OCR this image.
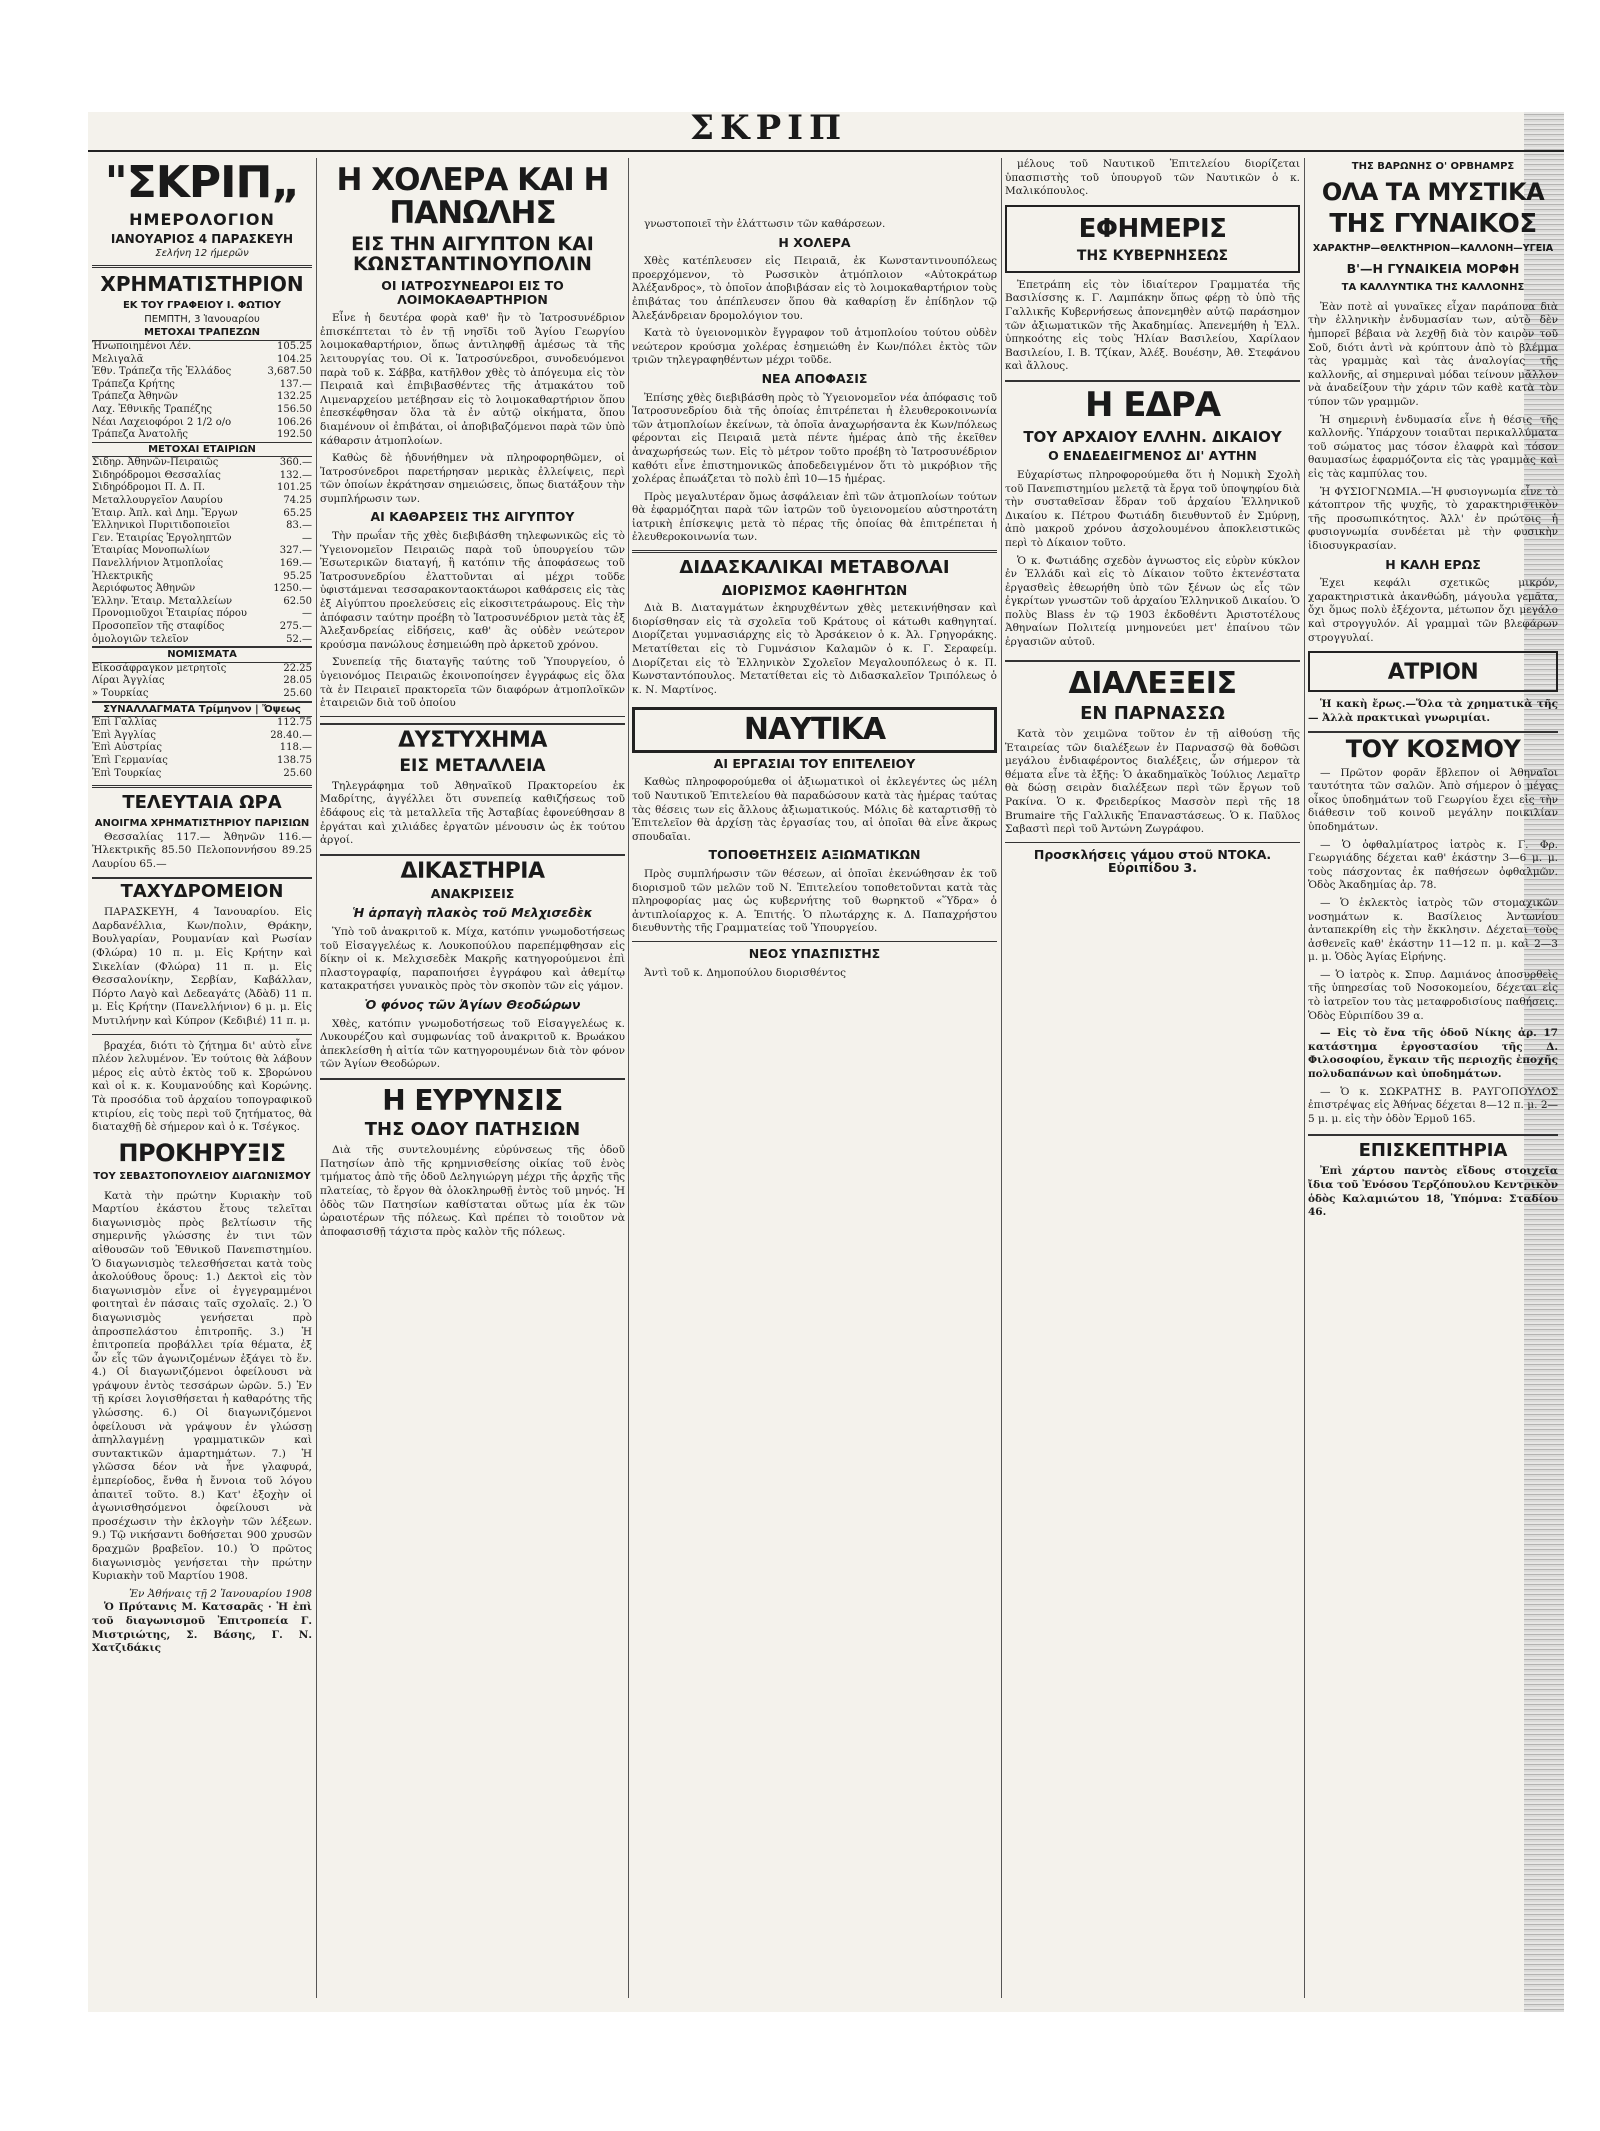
ΣΚΡΙΠ
"ΣΚΡΙΠ„
ΗΜΕΡΟΛΟΓΙΟΝ
ΙΑΝΟΥΑΡΙΟΣ 4 ΠΑΡΑΣΚΕΥΗ
Σελήνη 12 ήμερῶν
ΧΡΗΜΑΤΙΣΤΗΡΙΟΝ
ΕΚ ΤΟΥ ΓΡΑΦΕΙΟΥ Ι. ΦΩΤΙΟΥ
ΠΕΜΠΤΗ, 3 Ἰανουαρίου
ΜΕΤΟΧΑΙ ΤΡΑΠΕΖΩΝ
Ἡνωποιημένοι Λέν.	105.25
Μελιγαλᾶ	104.25
Ἐθν. Τράπεζα τῆς Ἑλλάδος	3,687.50
Τράπεζα Κρήτης	137.—
Τράπεζα Ἀθηνῶν	132.25
Λαχ. Ἐθνικῆς Τραπέζης	156.50
Νέαι Λαχειοφόροι 2 1/2 ο/ο	106.26
Τράπεζα Ἀνατολῆς	192.50
ΜΕΤΟΧΑΙ ΕΤΑΙΡΙΩΝ
Σιδηρ. Ἀθηνῶν-Πειραιῶς	360.—
Σιδηρόδρομοι Θεσσαλίας	132.—
Σιδηρόδρομοι Π. Δ. Π.	101.25
Μεταλλουργεῖον Λαυρίου	74.25
Ἑταιρ. Ἀπλ. καὶ Δημ. Ἔργων	65.25
Ἑλληνικοὶ Πυριτιδοποιεῖοι	83.—
Γεν. Ἑταιρίας Ἐργοληπτῶν	—
Ἑταιρίας Μονοπωλίων	327.—
Πανελλήνιον Ἀτμοπλοΐας	169.—
Ἠλεκτρικῆς	95.25
Ἀεριόφωτος Ἀθηνῶν	1250.—
Ἑλλην. Ἑταιρ. Μεταλλείων	62.50
Προνομιοῦχοι Ἑταιρίας πόρου	—
Προσοπεῖον τῆς σταφίδος	275.—
ὁμολογιῶν τελεῖον	52.—
ΝΟΜΙΣΜΑΤΑ
Εἰκοσάφραγκον μετρητοῖς	22.25
Λίραι Ἀγγλίας	28.05
» Τουρκίας	25.60
ΣΥΝΑΛΛΑΓΜΑΤΑ Τρίμηνον | Ὄψεως
Ἐπὶ Γαλλίας	112.75
Ἐπὶ Ἀγγλίας	28.40.—
Ἐπὶ Αὐστρίας	118.—
Ἐπὶ Γερμανίας	138.75
Ἐπὶ Τουρκίας	25.60
ΤΕΛΕΥΤΑΙΑ ΩΡΑ
ΑΝΟΙΓΜΑ ΧΡΗΜΑΤΙΣΤΗΡΙΟΥ ΠΑΡΙΣΙΩΝ

Θεσσαλίας 117.— Ἀθηνῶν 116.— Ἠλεκτρικῆς 85.50 Πελοποννήσου 89.25 Λαυρίου 65.—

ΤΑΧΥΔΡΟΜΕΙΟΝ

ΠΑΡΑΣΚΕΥΗ, 4 Ἰανουαρίου. Εἰς Δαρδανέλλια, Κων/πολιν, Θράκην, Βουλγαρίαν, Ρουμανίαν καὶ Ρωσίαν (Φλώρα) 10 π. μ. Εἰς Κρήτην καὶ Σικελίαν (Φλώρα) 11 π. μ. Εἰς Θεσσαλονίκην, Σερβίαν, Καβάλλαν, Πόρτο Λαγὸ καὶ Δεδεαγάτς (Ἀδὰδ) 11 π. μ. Εἰς Κρήτην (Πανελλήνιον) 6 μ. μ. Εἰς Μυτιλήνην καὶ Κύπρον (Κεδιβιέ) 11 π. μ.

βραχέα, διότι τὸ ζήτημα δι' αὐτὸ εἶνε πλέον λελυμένον. Ἐν τούτοις θὰ λάβουν μέρος εἰς αὐτὸ ἐκτὸς τοῦ κ. Σβορώνου καὶ οἱ κ. κ. Κουμανούδης καὶ Κορώνης. Τὰ προσόδια τοῦ ἀρχαίου τοπογραφικοῦ κτιρίου, εἰς τοὺς περὶ τοῦ ζητήματος, θὰ διαταχθῇ δὲ σήμερον καὶ ὁ κ. Τσέγκος.

ΠΡΟΚΗΡΥΞΙΣ
ΤΟΥ ΣΕΒΑΣΤΟΠΟΥΛΕΙΟΥ ΔΙΑΓΩΝΙΣΜΟΥ

Κατὰ τὴν πρώτην Κυριακὴν τοῦ Μαρτίου ἐκάστου ἔτους τελεῖται διαγωνισμὸς πρὸς βελτίωσιν τῆς σημερινῆς γλώσσης ἐν τινι τῶν αἰθουσῶν τοῦ Ἐθνικοῦ Πανεπιστημίου. Ὁ διαγωνισμὸς τελεσθήσεται κατὰ τοὺς ἀκολούθους ὅρους: 1.) Δεκτοὶ εἰς τὸν διαγωνισμὸν εἶνε οἱ ἐγγεγραμμένοι φοιτηταὶ ἐν πάσαις ταῖς σχολαῖς. 2.) Ὁ διαγωνισμὸς γενήσεται πρὸ ἀπροσπελάστου ἐπιτροπῆς. 3.) Ἡ ἐπιτροπεία προβάλλει τρία θέματα, ἐξ ὧν εἷς τῶν ἀγωνιζομένων ἐξάγει τὸ ἕν. 4.) Οἱ διαγωνιζόμενοι ὀφείλουσι νὰ γράψουν ἐντὸς τεσσάρων ὡρῶν. 5.) Ἐν τῇ κρίσει λογισθήσεται ἡ καθαρότης τῆς γλώσσης. 6.) Οἱ διαγωνιζόμενοι ὀφείλουσι νὰ γράψουν ἐν γλώσσῃ ἀπηλλαγμένῃ γραμματικῶν καὶ συντακτικῶν ἁμαρτημάτων. 7.) Ἡ γλῶσσα δέον νὰ ἦνε γλαφυρά, ἐμπερίοδος, ἔνθα ἡ ἔννοια τοῦ λόγου ἀπαιτεῖ τοῦτο. 8.) Κατ' ἐξοχὴν οἱ ἀγωνισθησόμενοι ὀφείλουσι νὰ προσέχωσιν τὴν ἐκλογὴν τῶν λέξεων. 9.) Τῷ νικήσαντι δοθήσεται 900 χρυσῶν δραχμῶν βραβεῖον. 10.) Ὁ πρῶτος διαγωνισμὸς γενήσεται τὴν πρώτην Κυριακὴν τοῦ Μαρτίου 1908.

Ἐν Ἀθήναις τῇ 2 Ἰανουαρίου 1908

Ὁ Πρύτανις Μ. Κατσαρᾶς · Ἡ ἐπὶ τοῦ διαγωνισμοῦ Ἐπιτροπεία Γ. Μιστριώτης, Σ. Βάσης, Γ. Ν. Χατζιδάκις

Η ΧΟΛΕΡΑ ΚΑΙ Η ΠΑΝΩΛΗΣ
ΕΙΣ ΤΗΝ ΑΙΓΥΠΤΟΝ ΚΑΙ ΚΩΝΣΤΑΝΤΙΝΟΥΠΟΛΙΝ
ΟΙ ΙΑΤΡΟΣΥΝΕΔΡΟΙ ΕΙΣ ΤΟ ΛΟΙΜΟΚΑΘΑΡΤΗΡΙΟΝ

Εἶνε ἡ δευτέρα φορὰ καθ' ἣν τὸ Ἰατροσυνέδριον ἐπισκέπτεται τὸ ἐν τῇ νησῖδι τοῦ Ἁγίου Γεωργίου λοιμοκαθαρτήριον, ὅπως ἀντιληφθῇ ἀμέσως τὰ τῆς λειτουργίας του. Οἱ κ. Ἰατροσύνεδροι, συνοδευόμενοι παρὰ τοῦ κ. Σάββα, κατῆλθον χθὲς τὸ ἀπόγευμα εἰς τὸν Πειραιᾶ καὶ ἐπιβιβασθέντες τῆς ἀτμακάτου τοῦ Λιμεναρχείου μετέβησαν εἰς τὸ λοιμοκαθαρτήριον ὅπου ἐπεσκέφθησαν ὅλα τὰ ἐν αὐτῷ οἰκήματα, ὅπου διαμένουν οἱ ἐπιβάται, οἱ ἀποβιβαζόμενοι παρὰ τῶν ὑπὸ κάθαρσιν ἀτμοπλοίων.

Καθὼς δὲ ἠδυνήθημεν νὰ πληροφορηθῶμεν, οἱ Ἰατροσύνεδροι παρετήρησαν μερικὰς ἐλλείψεις, περὶ τῶν ὁποίων ἐκράτησαν σημειώσεις, ὅπως διατάξουν τὴν συμπλήρωσιν των.

ΑΙ ΚΑΘΑΡΣΕΙΣ ΤΗΣ ΑΙΓΥΠΤΟΥ

Τὴν πρωΐαν τῆς χθὲς διεβιβάσθη τηλεφωνικῶς εἰς τὸ Ὑγειονομεῖον Πειραιῶς παρὰ τοῦ ὑπουργείου τῶν Ἐσωτερικῶν διαταγή, ἢ κατόπιν τῆς ἀποφάσεως τοῦ Ἰατροσυνεδρίου ἐλαττοῦνται αἱ μέχρι τοῦδε ὑφιστάμεναι τεσσαρακονταοκτάωροι καθάρσεις εἰς τὰς ἐξ Αἰγύπτου προελεύσεις εἰς εἰκοσιτετράωρους. Εἰς τὴν ἀπόφασιν ταύτην προέβη τὸ Ἰατροσυνέδριον μετὰ τὰς ἐξ Ἀλεξανδρείας εἰδήσεις, καθ' ἃς οὐδὲν νεώτερον κρούσμα πανώλους ἐσημειώθη πρὸ ἀρκετοῦ χρόνου.

Συνεπείᾳ τῆς διαταγῆς ταύτης τοῦ Ὑπουργείου, ὁ ὑγειονόμος Πειραιῶς ἐκοινοποίησεν ἐγγράφως εἰς ὅλα τὰ ἐν Πειραιεῖ πρακτορεῖα τῶν διαφόρων ἀτμοπλοϊκῶν ἑταιρειῶν διὰ τοῦ ὁποίου

ΔΥΣΤΥΧΗΜΑ
ΕΙΣ ΜΕΤΑΛΛΕΙΑ

Τηλεγράφημα τοῦ Ἀθηναϊκοῦ Πρακτορείου ἐκ Μαδρίτης, ἀγγέλλει ὅτι συνεπείᾳ καθιζήσεως τοῦ ἐδάφους εἰς τὰ μεταλλεῖα τῆς Ἀσταβίας ἐφονεύθησαν 8 ἐργάται καὶ χιλιάδες ἐργατῶν μένουσιν ὡς ἐκ τούτου ἀργοί.

ΔΙΚΑΣΤΗΡΙΑ
ΑΝΑΚΡΙΣΕΙΣ
Ἡ ἀρπαγὴ πλακὸς τοῦ Μελχισεδὲκ

Ὑπὸ τοῦ ἀνακριτοῦ κ. Μίχα, κατόπιν γνωμοδοτήσεως τοῦ Εἰσαγγελέως κ. Λουκοπούλου παρεπέμφθησαν εἰς δίκην οἱ κ. Μελχισεδὲκ Μακρῆς κατηγορούμενοι ἐπὶ πλαστογραφίᾳ, παραποιήσει ἐγγράφου καὶ ἀθεμίτῳ κατακρατήσει γυναικὸς πρὸς τὸν σκοπὸν τῶν εἰς γάμον.

Ὁ φόνος τῶν Ἁγίων Θεοδώρων

Χθὲς, κατόπιν γνωμοδοτήσεως τοῦ Εἰσαγγελέως κ. Λυκουρέζου καὶ συμφωνίας τοῦ ἀνακριτοῦ κ. Βρωάκου ἀπεκλείσθη ἡ αἰτία τῶν κατηγορουμένων διὰ τὸν φόνον τῶν Ἁγίων Θεοδώρων.

Η ΕΥΡΥΝΣΙΣ
ΤΗΣ ΟΔΟΥ ΠΑΤΗΣΙΩΝ

Διὰ τῆς συντελουμένης εὐρύνσεως τῆς ὁδοῦ Πατησίων ἀπὸ τῆς κρημνισθείσης οἰκίας τοῦ ἑνὸς τμήματος ἀπὸ τῆς ὁδοῦ Δεληγιώργη μέχρι τῆς ἀρχῆς τῆς πλατείας, τὸ ἔργον θὰ ὁλοκληρωθῇ ἐντὸς τοῦ μηνός. Ἡ ὁδὸς τῶν Πατησίων καθίσταται οὕτως μία ἐκ τῶν ὡραιοτέρων τῆς πόλεως. Καὶ πρέπει τὸ τοιοῦτον νὰ ἀποφασισθῇ τάχιστα πρὸς καλὸν τῆς πόλεως.

γνωστοποιεῖ τὴν ἐλάττωσιν τῶν καθάρσεων.

Η ΧΟΛΕΡΑ

Χθὲς κατέπλευσεν εἰς Πειραιᾶ, ἐκ Κωνσταντινουπόλεως προερχόμενον, τὸ Ρωσσικὸν ἀτμόπλοιον «Αὐτοκράτωρ Ἀλέξανδρος», τὸ ὁποῖον ἀποβιβάσαν εἰς τὸ λοιμοκαθαρτήριον τοὺς ἐπιβάτας του ἀπέπλευσεν ὅπου θὰ καθαρίσῃ ἕν ἐπίδηλον τῷ Ἀλεξάνδρειαν δρομολόγιον του.

Κατὰ τὸ ὑγειονομικὸν ἔγγραφον τοῦ ἀτμοπλοίου τούτου οὐδὲν νεώτερον κρούσμα χολέρας ἐσημειώθη ἐν Κων/πόλει ἐκτὸς τῶν τριῶν τηλεγραφηθέντων μέχρι τοῦδε.

ΝΕΑ ΑΠΟΦΑΣΙΣ

Ἐπίσης χθὲς διεβιβάσθη πρὸς τὸ Ὑγειονομεῖον νέα ἀπόφασις τοῦ Ἰατροσυνεδρίου διὰ τῆς ὁποίας ἐπιτρέπεται ἡ ἐλευθεροκοινωνία τῶν ἀτμοπλοίων ἐκείνων, τὰ ὁποῖα ἀναχωρήσαντα ἐκ Κων/πόλεως φέρονται εἰς Πειραιᾶ μετὰ πέντε ἡμέρας ἀπὸ τῆς ἐκεῖθεν ἀναχωρήσεώς των. Εἰς τὸ μέτρον τοῦτο προέβη τὸ Ἰατροσυνέδριον καθότι εἶνε ἐπιστημονικῶς ἀποδεδειγμένον ὅτι τὸ μικρόβιον τῆς χολέρας ἐπωάζεται τὸ πολὺ ἐπὶ 10—15 ἡμέρας.

Πρὸς μεγαλυτέραν ὅμως ἀσφάλειαν ἐπὶ τῶν ἀτμοπλοίων τούτων θὰ ἐφαρμόζηται παρὰ τῶν ἰατρῶν τοῦ ὑγειονομείου αὐστηροτάτη ἰατρικὴ ἐπίσκεψις μετὰ τὸ πέρας τῆς ὁποίας θὰ ἐπιτρέπεται ἡ ἐλευθεροκοινωνία των.

ΔΙΔΑΣΚΑΛΙΚΑΙ ΜΕΤΑΒΟΛΑΙ
ΔΙΟΡΙΣΜΟΣ ΚΑΘΗΓΗΤΩΝ

Διὰ Β. Διαταγμάτων ἐκηρυχθέντων χθὲς μετεκινήθησαν καὶ διορίσθησαν εἰς τὰ σχολεῖα τοῦ Κράτους οἱ κάτωθι καθηγηταί. Διορίζεται γυμνασιάρχης εἰς τὸ Ἀρσάκειον ὁ κ. Ἀλ. Γρηγοράκης. Μετατίθεται εἰς τὸ Γυμνάσιον Καλαμῶν ὁ κ. Γ. Σεραφείμ. Διορίζεται εἰς τὸ Ἑλληνικὸν Σχολεῖον Μεγαλουπόλεως ὁ κ. Π. Κωνσταντόπουλος. Μετατίθεται εἰς τὸ Διδασκαλεῖον Τριπόλεως ὁ κ. Ν. Μαρτίνος.

ΝΑΥΤΙΚΑ
ΑΙ ΕΡΓΑΣΙΑΙ ΤΟΥ ΕΠΙΤΕΛΕΙΟΥ

Καθὼς πληροφορούμεθα οἱ ἀξιωματικοὶ οἱ ἐκλεγέντες ὡς μέλη τοῦ Ναυτικοῦ Ἐπιτελείου θὰ παραδώσουν κατὰ τὰς ἡμέρας ταύτας τὰς θέσεις των εἰς ἄλλους ἀξιωματικούς. Μόλις δὲ καταρτισθῇ τὸ Ἐπιτελεῖον θὰ ἀρχίσῃ τὰς ἐργασίας του, αἱ ὁποῖαι θὰ εἶνε ἄκρως σπουδαῖαι.

ΤΟΠΟΘΕΤΗΣΕΙΣ ΑΞΙΩΜΑΤΙΚΩΝ

Πρὸς συμπλήρωσιν τῶν θέσεων, αἱ ὁποῖαι ἐκενώθησαν ἐκ τοῦ διορισμοῦ τῶν μελῶν τοῦ Ν. Ἐπιτελείου τοποθετοῦνται κατὰ τὰς πληροφορίας μας ὡς κυβερνήτης τοῦ θωρηκτοῦ «Ὕδρα» ὁ ἀντιπλοίαρχος κ. Α. Ἐπιτής. Ὁ πλωτάρχης κ. Δ. Παπαχρήστου διευθυντὴς τῆς Γραμματείας τοῦ Ὑπουργείου.

ΝΕΟΣ ΥΠΑΣΠΙΣΤΗΣ

Ἀντὶ τοῦ κ. Δημοπούλου διορισθέντος

μέλους τοῦ Ναυτικοῦ Ἐπιτελείου διορίζεται ὑπασπιστὴς τοῦ ὑπουργοῦ τῶν Ναυτικῶν ὁ κ. Μαλικόπουλος.

ΕΦΗΜΕΡΙΣ
ΤΗΣ ΚΥΒΕΡΝΗΣΕΩΣ

Ἐπετράπη εἰς τὸν ἰδιαίτερον Γραμματέα τῆς Βασιλίσσης κ. Γ. Λαμπάκην ὅπως φέρῃ τὸ ὑπὸ τῆς Γαλλικῆς Κυβερνήσεως ἀπονεμηθὲν αὐτῷ παράσημον τῶν ἀξιωματικῶν τῆς Ἀκαδημίας. Ἀπενεμήθη ἡ Ἑλλ. ὑπηκοότης εἰς τοὺς Ἠλίαν Βασιλείου, Χαρίλαον Βασιλείου, Ι. Β. Τζίκαν, Ἀλέξ. Βουέσην, Ἀθ. Στεφάνου καὶ ἄλλους.

Η ΕΔΡΑ
ΤΟΥ ΑΡΧΑΙΟΥ ΕΛΛΗΝ. ΔΙΚΑΙΟΥ
Ο ΕΝΔΕΔΕΙΓΜΕΝΟΣ ΔΙ' ΑΥΤΗΝ

Εὐχαρίστως πληροφορούμεθα ὅτι ἡ Νομικὴ Σχολὴ τοῦ Πανεπιστημίου μελετᾷ τὰ ἔργα τοῦ ὑποψηφίου διὰ τὴν συσταθεῖσαν ἕδραν τοῦ ἀρχαίου Ἑλληνικοῦ Δικαίου κ. Πέτρου Φωτιάδη διευθυντοῦ ἐν Σμύρνῃ, ἀπὸ μακροῦ χρόνου ἀσχολουμένου ἀποκλειστικῶς περὶ τὸ Δίκαιον τοῦτο.

Ὁ κ. Φωτιάδης σχεδὸν ἀγνωστος εἰς εὐρὺν κύκλον ἐν Ἑλλάδι καὶ εἰς τὸ Δίκαιον τοῦτο ἐκτενέστατα ἐργασθεὶς ἐθεωρήθη ὑπὸ τῶν ξένων ὡς εἷς τῶν ἐγκρίτων γνωστῶν τοῦ ἀρχαίου Ἑλληνικοῦ Δικαίου. Ὁ πολὺς Blass ἐν τῷ 1903 ἐκδοθέντι Ἀριστοτέλους Ἀθηναίων Πολιτείᾳ μνημονεύει μετ' ἐπαίνου τῶν ἐργασιῶν αὐτοῦ.

ΔΙΑΛΕΞΕΙΣ
ΕΝ ΠΑΡΝΑΣΣΩ

Κατὰ τὸν χειμῶνα τοῦτον ἐν τῇ αἰθούσῃ τῆς Ἑταιρείας τῶν διαλέξεων ἐν Παρνασσῷ θὰ δοθῶσι μεγάλου ἐνδιαφέροντος διαλέξεις, ὧν σήμερον τὰ θέματα εἶνε τὰ ἑξῆς: Ὁ ἀκαδημαϊκὸς Ἰούλιος Λεμαῖτρ θὰ δώσῃ σειρὰν διαλέξεων περὶ τῶν ἔργων τοῦ Ρακίνα. Ὁ κ. Φρειδερίκος Μασσὸν περὶ τῆς 18 Brumaire τῆς Γαλλικῆς Ἐπαναστάσεως. Ὁ κ. Παῦλος Σαβαστὶ περὶ τοῦ Ἀντώνη Ζωγράφου.

Προσκλήσεις γάμου στοῦ ΝΤΟΚΑ. Εὐριπίδου 3.
ΤΗΣ ΒΑΡΩΝΗΣ Ο' ΟΡΒΗΑΜΡΣ
ΟΛΑ ΤΑ ΜΥΣΤΙΚΑ
ΤΗΣ ΓΥΝΑΙΚΟΣ
ΧΑΡΑΚΤΗΡ—ΘΕΛΚΤΗΡΙΟΝ—ΚΑΛΛΟΝΗ—ΥΓΕΙΑ
Β'—Η ΓΥΝΑΙΚΕΙΑ ΜΟΡΦΗ
ΤΑ ΚΑΛΛΥΝΤΙΚΑ ΤΗΣ ΚΑΛΛΟΝΗΣ

Ἐὰν ποτὲ αἱ γυναῖκες εἶχαν παράπονα διὰ τὴν ἐλληνικὴν ἐνδυμασίαν των, αὐτὸ δὲν ἠμπορεῖ βέβαια νὰ λεχθῇ διὰ τὸν καιρὸν τοῦ Σοῦ, διότι ἀντὶ νὰ κρύπτουν ἀπὸ τὸ βλέμμα τὰς γραμμὰς καὶ τὰς ἀναλογίας τῆς καλλονῆς, αἱ σημεριναὶ μόδαι τείνουν μᾶλλον νὰ ἀναδείξουν τὴν χάριν τῶν καθὲ κατὰ τὸν τύπον τῶν γραμμῶν.

Ἡ σημερινὴ ἐνδυμασία εἶνε ἡ θέσις τῆς καλλονῆς. Ὑπάρχουν τοιαῦται περικαλλύματα τοῦ σώματος μας τόσον ἐλαφρὰ καὶ τόσον θαυμασίως ἐφαρμόζοντα εἰς τὰς γραμμὰς καὶ εἰς τὰς καμπύλας του.

Ἡ ΦΥΣΙΟΓΝΩΜΙΑ.—Ἡ φυσιογνωμία εἶνε τὸ κάτοπτρον τῆς ψυχῆς, τὸ χαρακτηριστικὸν τῆς προσωπικότητος. Ἀλλ' ἐν πρώτοις ἡ φυσιογνωμία συνδέεται μὲ τὴν φυσικὴν ἰδιοσυγκρασίαν.

Η ΚΑΛΗ ΕΡΩΣ

Ἐχει κεφάλι σχετικῶς μικρόν, χαρακτηριστικὰ ἀκανθώδη, μάγουλα γεμᾶτα, ὄχι ὅμως πολὺ ἐξέχοντα, μέτωπον ὄχι μεγάλο καὶ στρογγυλόν. Αἱ γραμμαὶ τῶν βλεφάρων στρογγυλαί.

ΑΤΡΙΟΝ

Ἡ κακὴ ἔρως.—Ὅλα τὰ χρηματικὰ τῆς — Ἀλλὰ πρακτικαὶ γνωριμίαι.

ΤΟΥ ΚΟΣΜΟΥ

— Πρῶτον φορᾶν ἔβλεπον οἱ Ἀθηναῖοι ταυτότητα τῶν σαλῶν. Ἀπὸ σήμερον ὁ μέγας οἶκος ὑποδημάτων τοῦ Γεωργίου ἔχει εἰς τὴν διάθεσιν τοῦ κοινοῦ μεγάλην ποικιλίαν ὑποδημάτων.

— Ὁ ὀφθαλμίατρος ἰατρὸς κ. Γ. Φρ. Γεωργιάδης δέχεται καθ' ἑκάστην 3—6 μ. μ. τοὺς πάσχοντας ἐκ παθήσεων ὀφθαλμῶν. Ὁδὸς Ἀκαδημίας ἀρ. 78.

— Ὁ ἐκλεκτὸς ἰατρὸς τῶν στομαχικῶν νοσημάτων κ. Βασίλειος Ἀντωνίου ἀνταπεκρίθη εἰς τὴν ἔκκλησιν. Δέχεται τοὺς ἀσθενεῖς καθ' ἑκάστην 11—12 π. μ. καὶ 2—3 μ. μ. Ὁδὸς Ἁγίας Εἰρήνης.

— Ὁ ἰατρὸς κ. Σπυρ. Δαμιάνος ἀποσυρθεὶς τῆς ὑπηρεσίας τοῦ Νοσοκομείου, δέχεται εἰς τὸ ἰατρεῖον του τὰς μεταφροδισίους παθήσεις. Ὁδὸς Εὐριπίδου 39 α.

— Εἰς τὸ ἔνα τῆς ὁδοῦ Νίκης ἀρ. 17 κατάστημα ἐργοστασίου τῆς Δ. Φιλοσοφίου, ἔγκαιν τῆς περιοχῆς ἐποχῆς πολυδαπάνων καὶ ὑποδημάτων.

— Ὁ κ. ΣΩΚΡΑΤΗΣ Β. ΡΑΥΓΟΠΟΥΛΟΣ ἐπιστρέψας εἰς Ἀθήνας δέχεται 8—12 π. μ. 2—5 μ. μ. εἰς τὴν ὁδὸν Ἑρμοῦ 165.

ΕΠΙΣΚΕΠΤΗΡΙΑ

Ἐπὶ χάρτου παντὸς εἴδους στοιχεῖα ἴδια τοῦ Ἐνόσου Τερζόπουλου Κεντρικὸν ὁδὸς Καλαμιώτου 18, Ὑπόμνα: Σταδίου 46.
